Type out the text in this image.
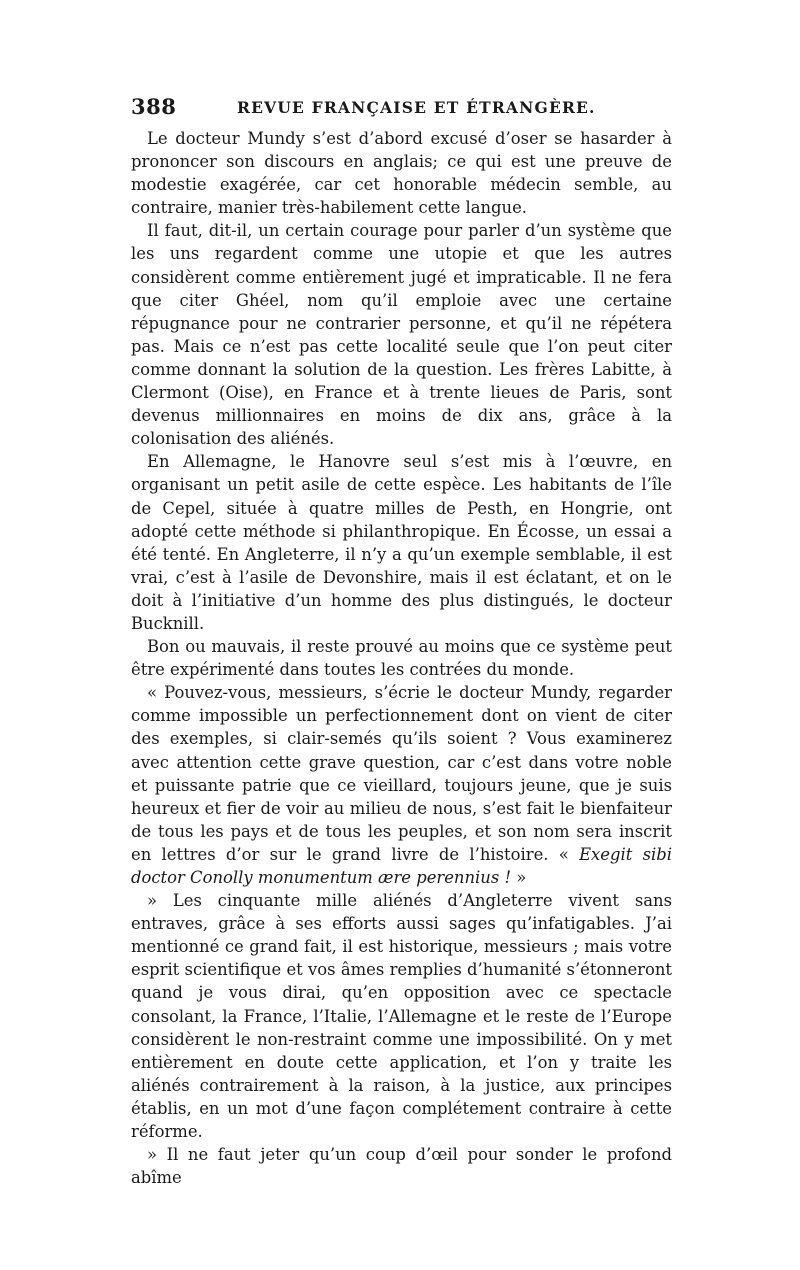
388	REVUE FRANÇAISE ET ÉTRANGÈRE.

Le docteur Mundy s’est d’abord excusé d’oser se hasarder à prononcer son discours en anglais; ce qui est une preuve de modestie exagérée, car cet honorable médecin semble, au contraire, manier très-habilement cette langue.

Il faut, dit-il, un certain courage pour parler d’un système que les uns regardent comme une utopie et que les autres considèrent comme entièrement jugé et impraticable. Il ne fera que citer Ghéel, nom qu’il emploie avec une certaine répugnance pour ne contrarier personne, et qu’il ne répétera pas. Mais ce n’est pas cette localité seule que l’on peut citer comme donnant la solution de la question. Les frères Labitte, à Clermont (Oise), en France et à trente lieues de Paris, sont devenus millionnaires en moins de dix ans, grâce à la colonisation des aliénés.

En Allemagne, le Hanovre seul s’est mis à l’œuvre, en organisant un petit asile de cette espèce. Les habitants de l’île de Cepel, située à quatre milles de Pesth, en Hongrie, ont adopté cette méthode si philanthropique. En Écosse, un essai a été tenté. En Angleterre, il n’y a qu’un exemple semblable, il est vrai, c’est à l’asile de Devonshire, mais il est éclatant, et on le doit à l’initiative d’un homme des plus distingués, le docteur Bucknill.

Bon ou mauvais, il reste prouvé au moins que ce système peut être expérimenté dans toutes les contrées du monde.

« Pouvez-vous, messieurs, s’écrie le docteur Mundy, regarder comme impossible un perfectionnement dont on vient de citer des exemples, si clair-semés qu’ils soient ? Vous examinerez avec attention cette grave question, car c’est dans votre noble et puissante patrie que ce vieillard, toujours jeune, que je suis heureux et fier de voir au milieu de nous, s’est fait le bienfaiteur de tous les pays et de tous les peuples, et son nom sera inscrit en lettres d’or sur le grand livre de l’histoire. « Exegit sibi doctor Conolly monumentum ære perennius ! »

» Les cinquante mille aliénés d’Angleterre vivent sans entraves, grâce à ses efforts aussi sages qu’infatigables. J’ai mentionné ce grand fait, il est historique, messieurs ; mais votre esprit scientifique et vos âmes remplies d’humanité s’étonneront quand je vous dirai, qu’en opposition avec ce spectacle consolant, la France, l’Italie, l’Allemagne et le reste de l’Europe considèrent le non-restraint comme une impossibilité. On y met entièrement en doute cette application, et l’on y traite les aliénés contrairement à la raison, à la justice, aux principes établis, en un mot d’une façon complétement contraire à cette réforme.

» Il ne faut jeter qu’un coup d’œil pour sonder le profond abîme
